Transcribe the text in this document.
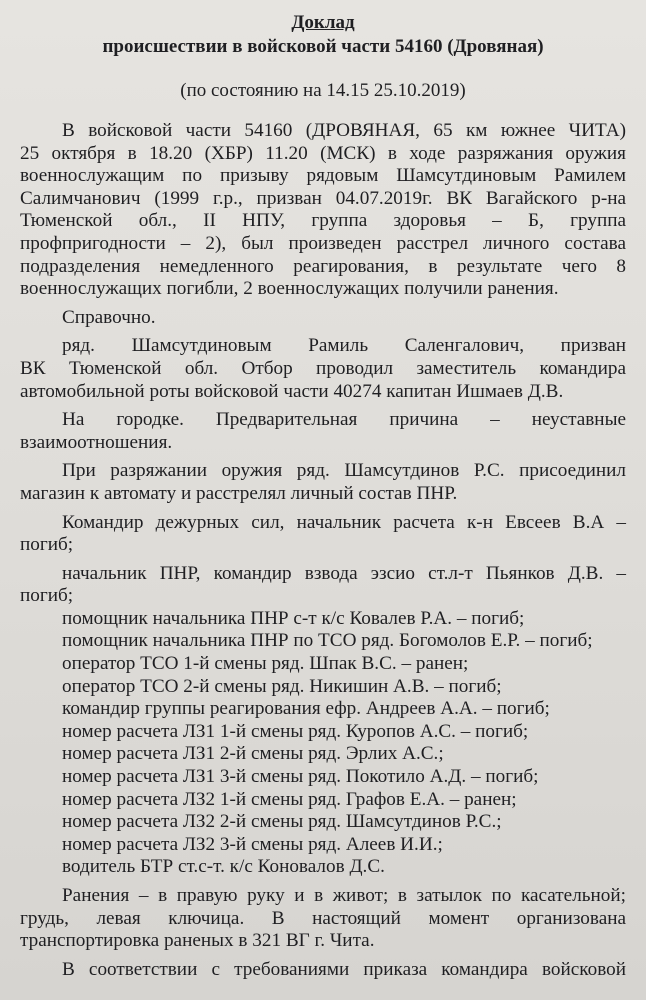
Доклад

происшествии в войсковой части 54160 (Дровяная)

(по состоянию на 14.15 25.10.2019)

В войсковой части 54160 (ДРОВЯНАЯ, 65 км южнее ЧИТА)

25 октября в 18.20 (ХБР) 11.20 (МСК) в ходе разряжания оружия

военнослужащим по призыву рядовым Шамсутдиновым Рамилем

Салимчанович (1999 г.р., призван 04.07.2019г. ВК Вагайского р-на

Тюменской обл., II НПУ, группа здоровья – Б, группа

профпригодности – 2), был произведен расстрел личного состава

подразделения немедленного реагирования, в результате чего 8

военнослужащих погибли, 2 военнослужащих получили ранения.

Справочно.

ряд. Шамсутдиновым Рамиль Саленгалович, призван

ВК Тюменской обл. Отбор проводил заместитель командира

автомобильной роты войсковой части 40274 капитан Ишмаев Д.В.

На городке. Предварительная причина – неуставные

взаимоотношения.

При разряжании оружия ряд. Шамсутдинов Р.С. присоединил

магазин к автомату и расстрелял личный состав ПНР.

Командир дежурных сил, начальник расчета к-н Евсеев В.А –

погиб;

начальник ПНР, командир взвода эзсио ст.л-т Пьянков Д.В. –

погиб;

помощник начальника ПНР с-т к/с Ковалев Р.А. – погиб;

помощник начальника ПНР по ТСО ряд. Богомолов Е.Р. – погиб;

оператор ТСО 1-й смены ряд. Шпак В.С. – ранен;

оператор ТСО 2-й смены ряд. Никишин А.В. – погиб;

командир группы реагирования ефр. Андреев А.А. – погиб;

номер расчета ЛЗ1 1-й смены ряд. Куропов А.С. – погиб;

номер расчета ЛЗ1 2-й смены ряд. Эрлих А.С.;

номер расчета ЛЗ1 3-й смены ряд. Покотило А.Д. – погиб;

номер расчета ЛЗ2 1-й смены ряд. Графов Е.А. – ранен;

номер расчета ЛЗ2 2-й смены ряд. Шамсутдинов Р.С.;

номер расчета ЛЗ2 3-й смены ряд. Алеев И.И.;

водитель БТР ст.с-т. к/с Коновалов Д.С.

Ранения – в правую руку и в живот; в затылок по касательной;

грудь, левая ключица. В настоящий момент организована

транспортировка раненых в 321 ВГ г. Чита.

В соответствии с требованиями приказа командира войсковой
